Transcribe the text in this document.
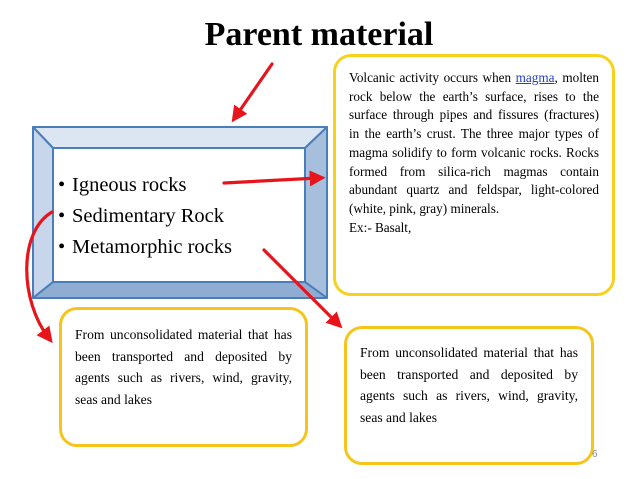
Parent material
• Igneous rocks
• Sedimentary Rock
• Metamorphic rocks
Volcanic activity occurs when magma, molten rock below the earth’s surface, rises to the surface through pipes and fissures (fractures) in the earth’s crust. The three major types of magma solidify to form volcanic rocks. Rocks formed from silica-rich magmas contain abundant quartz and feldspar, light-colored (white, pink, gray) minerals.
Ex:- Basalt,
From unconsolidated material that has been transported and deposited by agents such as rivers, wind, gravity, seas and lakes
From unconsolidated material that has been transported and deposited by agents such as rivers, wind, gravity, seas and lakes
6
